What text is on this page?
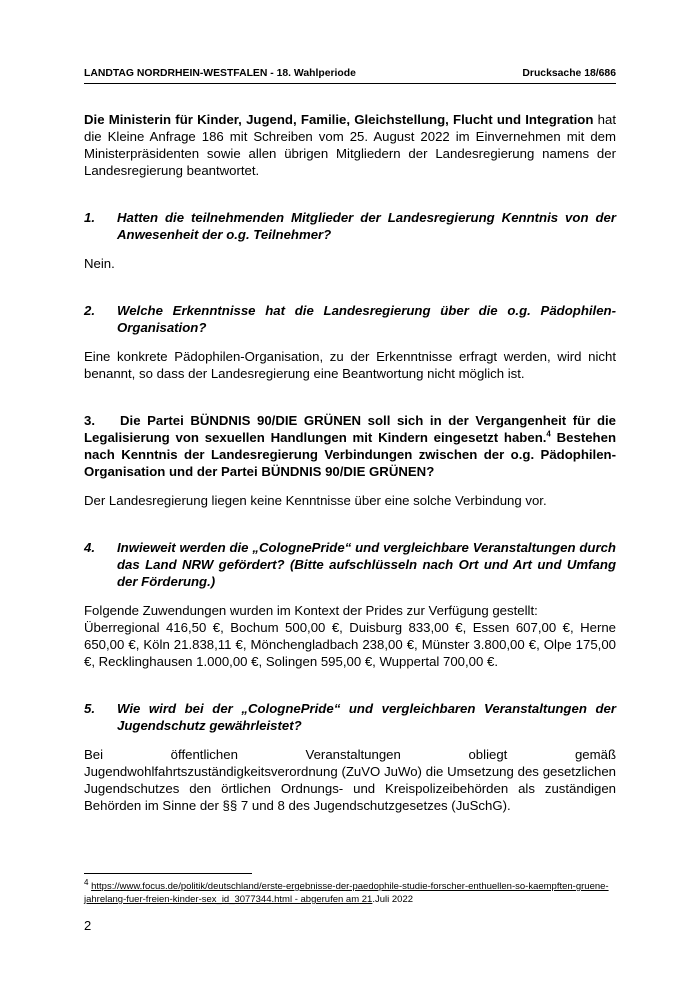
LANDTAG NORDRHEIN-WESTFALEN - 18. Wahlperiode	Drucksache 18/686

Die Ministerin für Kinder, Jugend, Familie, Gleichstellung, Flucht und Integration hat die Kleine Anfrage 186 mit Schreiben vom 25. August 2022 im Einvernehmen mit dem Ministerpräsidenten sowie allen übrigen Mitgliedern der Landesregierung namens der Landesregierung beantwortet.

1.	Hatten die teilnehmenden Mitglieder der Landesregierung Kenntnis von der Anwesenheit der o.g. Teilnehmer?

Nein.

2.	Welche Erkenntnisse hat die Landesregierung über die o.g. Pädophilen-Organisation?

Eine konkrete Pädophilen-Organisation, zu der Erkenntnisse erfragt werden, wird nicht benannt, so dass der Landesregierung eine Beantwortung nicht möglich ist.

3. Die Partei BÜNDNIS 90/DIE GRÜNEN soll sich in der Vergangenheit für die Legalisierung von sexuellen Handlungen mit Kindern eingesetzt haben.$^4$ Bestehen nach Kenntnis der Landesregierung Verbindungen zwischen der o.g. Pädophilen-Organisation und der Partei BÜNDNIS 90/DIE GRÜNEN?

Der Landesregierung liegen keine Kenntnisse über eine solche Verbindung vor.

4.	Inwieweit werden die „ColognePride“ und vergleichbare Veranstaltungen durch das Land NRW gefördert? (Bitte aufschlüsseln nach Ort und Art und Umfang der Förderung.)

Folgende Zuwendungen wurden im Kontext der Prides zur Verfügung gestellt:

Überregional 416,50 €, Bochum 500,00 €, Duisburg 833,00 €, Essen 607,00 €, Herne 650,00 €, Köln 21.838,11 €, Mönchengladbach 238,00 €, Münster 3.800,00 €, Olpe 175,00 €, Recklinghausen 1.000,00 €, Solingen 595,00 €, Wuppertal 700,00 €.

5.	Wie wird bei der „ColognePride“ und vergleichbaren Veranstaltungen der Jugendschutz gewährleistet?

Bei öffentlichen Veranstaltungen obliegt gemäß Jugendwohlfahrtszuständigkeitsverordnung (ZuVO JuWo) die Umsetzung des gesetzlichen Jugendschutzes den örtlichen Ordnungs- und Kreispolizeibehörden als zuständigen Behörden im Sinne der §§ 7 und 8 des Jugendschutzgesetzes (JuSchG).

$^4$ https://www.focus.de/politik/deutschland/erste-ergebnisse-der-paedophile-studie-forscher-enthuellen-so-kaempften-gruene-jahrelang-fuer-freien-kinder-sex_id_3077344.html - abgerufen am 21.Juli 2022
2
